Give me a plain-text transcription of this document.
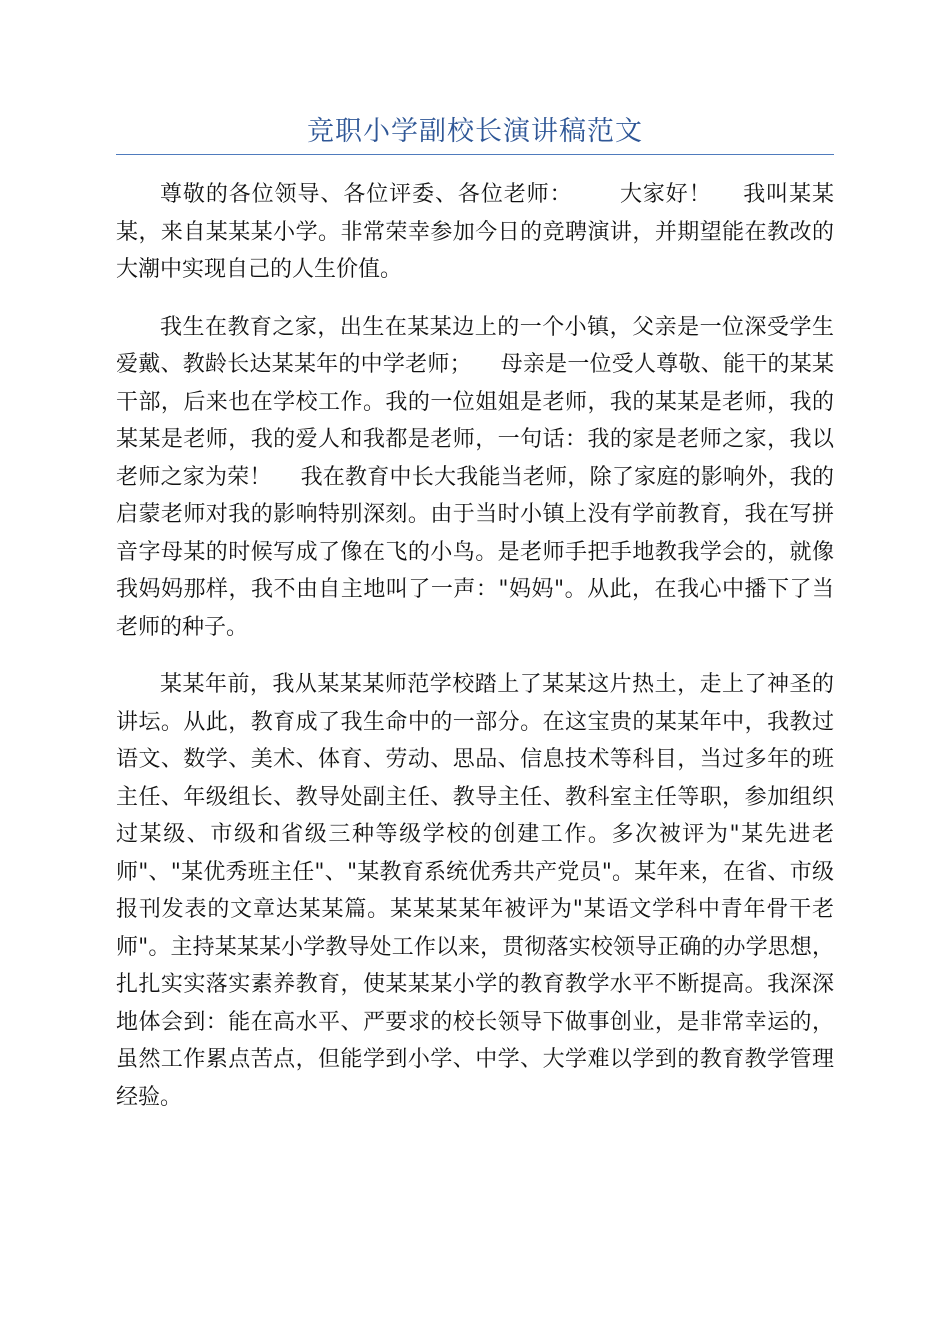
竞职小学副校长演讲稿范文

尊敬的各位领导、各位评委、各位老师：      大家好！    我叫某某某，来自某某某小学。非常荣幸参加今日的竞聘演讲，并期望能在教改的大潮中实现自己的人生价值。

我生在教育之家，出生在某某边上的一个小镇，父亲是一位深受学生爱戴、教龄长达某某年的中学老师；    母亲是一位受人尊敬、能干的某某干部，后来也在学校工作。我的一位姐姐是老师，我的某某是老师，我的某某是老师，我的爱人和我都是老师，一句话：我的家是老师之家，我以老师之家为荣！    我在教育中长大我能当老师，除了家庭的影响外，我的启蒙老师对我的影响特别深刻。由于当时小镇上没有学前教育，我在写拼音字母某的时候写成了像在飞的小鸟。是老师手把手地教我学会的，就像我妈妈那样，我不由自主地叫了一声："妈妈"。从此，在我心中播下了当老师的种子。

某某年前，我从某某某师范学校踏上了某某这片热土，走上了神圣的讲坛。从此，教育成了我生命中的一部分。在这宝贵的某某年中，我教过语文、数学、美术、体育、劳动、思品、信息技术等科目，当过多年的班主任、年级组长、教导处副主任、教导主任、教科室主任等职，参加组织过某级、市级和省级三种等级学校的创建工作。多次被评为"某先进老师"、"某优秀班主任"、"某教育系统优秀共产党员"。某年来，在省、市级报刊发表的文章达某某篇。某某某某年被评为"某语文学科中青年骨干老师"。主持某某某小学教导处工作以来，贯彻落实校领导正确的办学思想，扎扎实实落实素养教育，使某某某小学的教育教学水平不断提高。我深深地体会到：能在高水平、严要求的校长领导下做事创业，是非常幸运的，虽然工作累点苦点，但能学到小学、中学、大学难以学到的教育教学管理经验。
